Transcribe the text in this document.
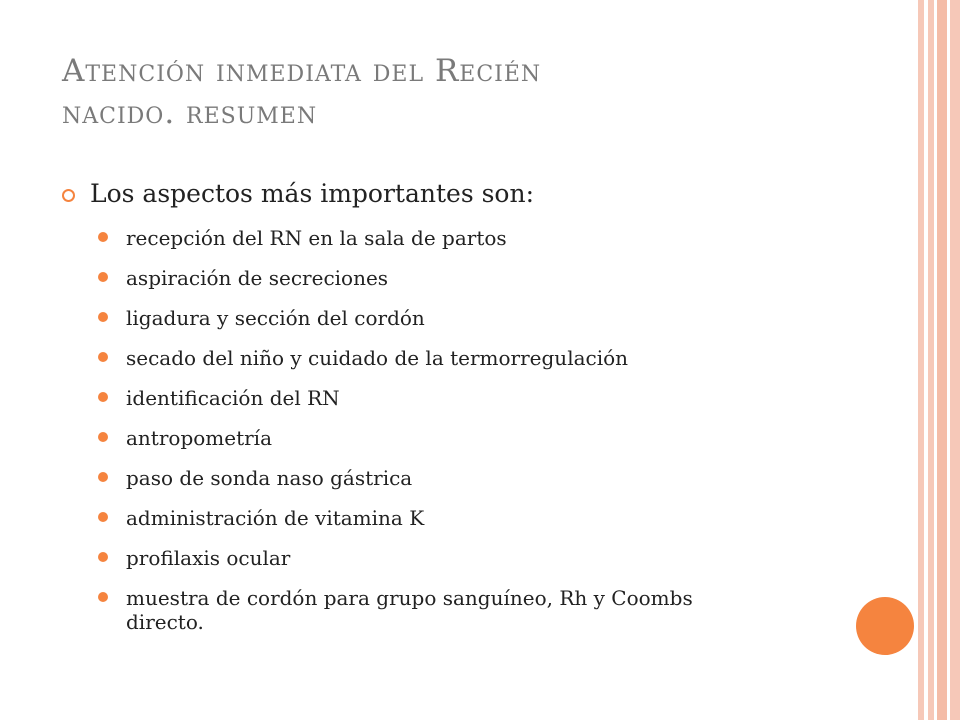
Atención inmediata del Recién
nacido. resumen
Los aspectos más importantes son:
recepción del RN en la sala de partos
aspiración de secreciones
ligadura y sección del cordón
secado del niño y cuidado de la termorregulación
identificación del RN
antropometría
paso de sonda naso gástrica
administración de vitamina K
profilaxis ocular
muestra de cordón para grupo sanguíneo, Rh y Coombs directo.
